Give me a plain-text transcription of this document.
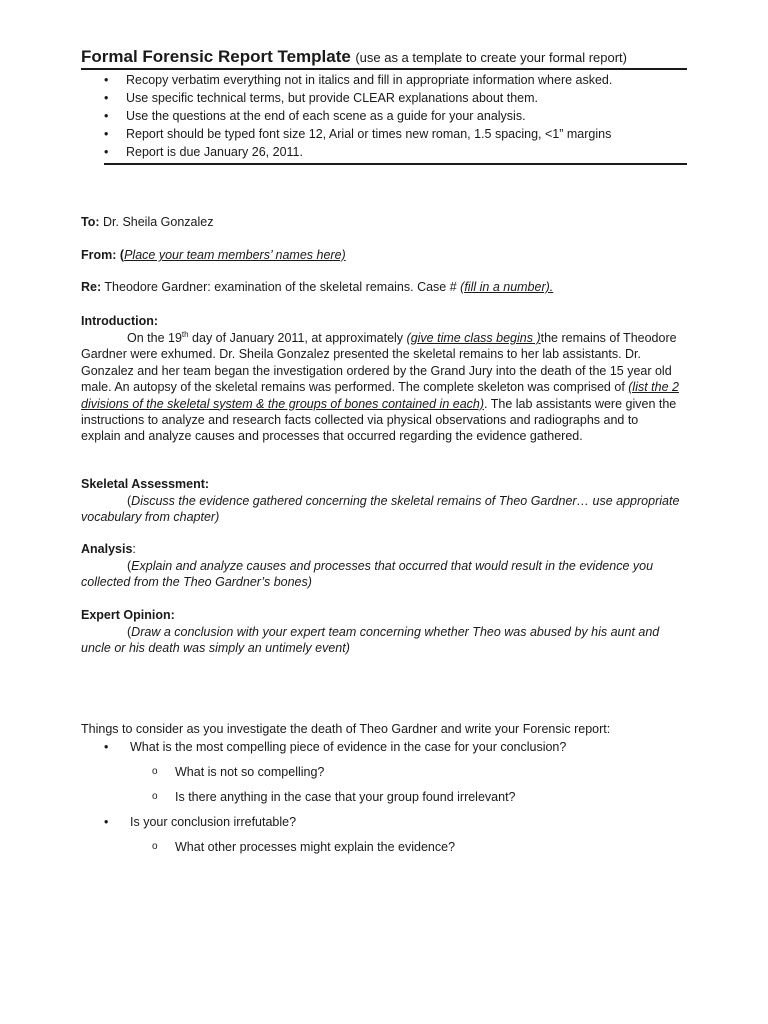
Formal Forensic Report Template (use as a template to create your formal report)
• Recopy verbatim everything not in italics and fill in appropriate information where asked.
• Use specific technical terms, but provide CLEAR explanations about them.
• Use the questions at the end of each scene as a guide for your analysis.
• Report should be typed font size 12, Arial or times new roman, 1.5 spacing, <1” margins
• Report is due January 26, 2011.
To: Dr. Sheila Gonzalez
From: (Place your team members’ names here)
Re: Theodore Gardner: examination of the skeletal remains. Case # (fill in a number).
Introduction:

On the 19th day of January 2011, at approximately (give time class begins )the remains of Theodore Gardner were exhumed. Dr. Sheila Gonzalez presented the skeletal remains to her lab assistants. Dr. Gonzalez and her team began the investigation ordered by the Grand Jury into the death of the 15 year old male. An autopsy of the skeletal remains was performed. The complete skeleton was comprised of (list the 2 divisions of the skeletal system & the groups of bones contained in each). The lab assistants were given the instructions to analyze and research facts collected via physical observations and radiographs and to explain and analyze causes and processes that occurred regarding the evidence gathered.

Skeletal Assessment:

(Discuss the evidence gathered concerning the skeletal remains of Theo Gardner… use appropriate vocabulary from chapter)

Analysis:

(Explain and analyze causes and processes that occurred that would result in the evidence you collected from the Theo Gardner’s bones)

Expert Opinion:

(Draw a conclusion with your expert team concerning whether Theo was abused by his aunt and uncle or his death was simply an untimely event)

Things to consider as you investigate the death of Theo Gardner and write your Forensic report:
• What is the most compelling piece of evidence in the case for your conclusion?
o What is not so compelling?
o Is there anything in the case that your group found irrelevant?
• Is your conclusion irrefutable?
o What other processes might explain the evidence?
